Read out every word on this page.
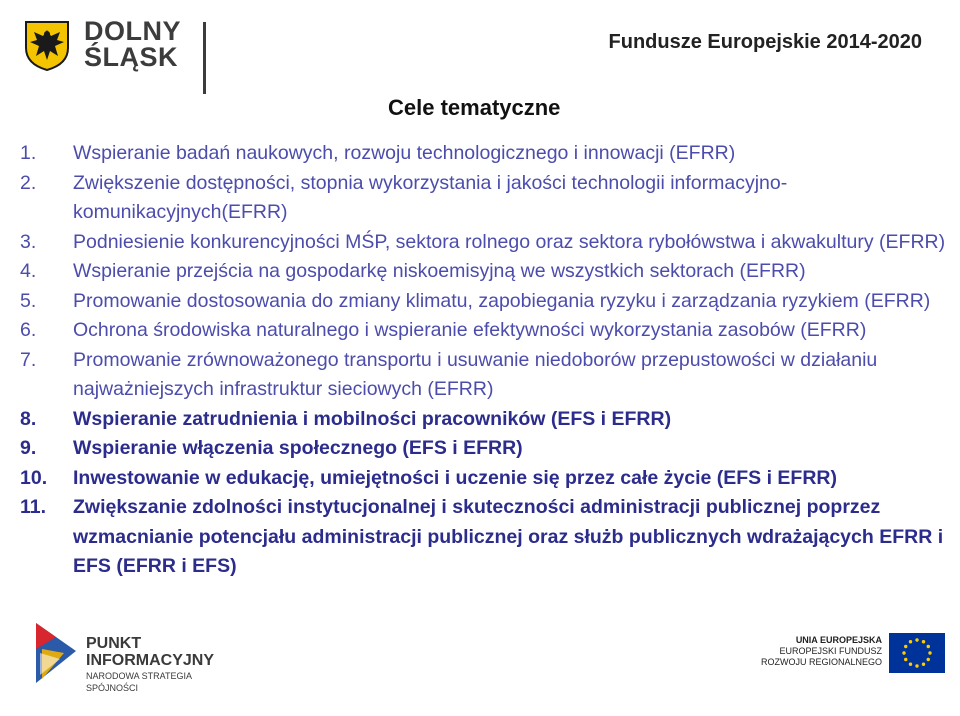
DOLNY
ŚLĄSK	Fundusze Europejskie 2014-2020
Cele tematyczne
1.	Wspieranie badań naukowych, rozwoju technologicznego i innowacji (EFRR)
2.	Zwiększenie dostępności, stopnia wykorzystania i jakości technologii informacyjno-komunikacyjnych(EFRR)
3.	Podniesienie konkurencyjności MŚP, sektora rolnego oraz sektora rybołówstwa i akwakultury (EFRR)
4.	Wspieranie przejścia na gospodarkę niskoemisyjną we wszystkich sektorach (EFRR)
5.	Promowanie dostosowania do zmiany klimatu, zapobiegania ryzyku i zarządzania ryzykiem (EFRR)
6.	Ochrona środowiska naturalnego i wspieranie efektywności wykorzystania zasobów (EFRR)
7.	Promowanie zrównoważonego transportu i usuwanie niedoborów przepustowości w działaniu najważniejszych infrastruktur sieciowych (EFRR)
8.	Wspieranie zatrudnienia i mobilności pracowników (EFS i EFRR)
9.	Wspieranie włączenia społecznego (EFS i EFRR)
10.	Inwestowanie w edukację, umiejętności i uczenie się przez całe życie (EFS i EFRR)
11.	Zwiększanie zdolności instytucjonalnej i skuteczności administracji publicznej poprzez wzmacnianie potencjału administracji publicznej oraz służb publicznych wdrażających EFRR i EFS (EFRR i EFS)
PUNKT
INFORMACYJNY
NARODOWA STRATEGIA SPÓJNOŚCI
UNIA EUROPEJSKA
EUROPEJSKI FUNDUSZ
ROZWOJU REGIONALNEGO
